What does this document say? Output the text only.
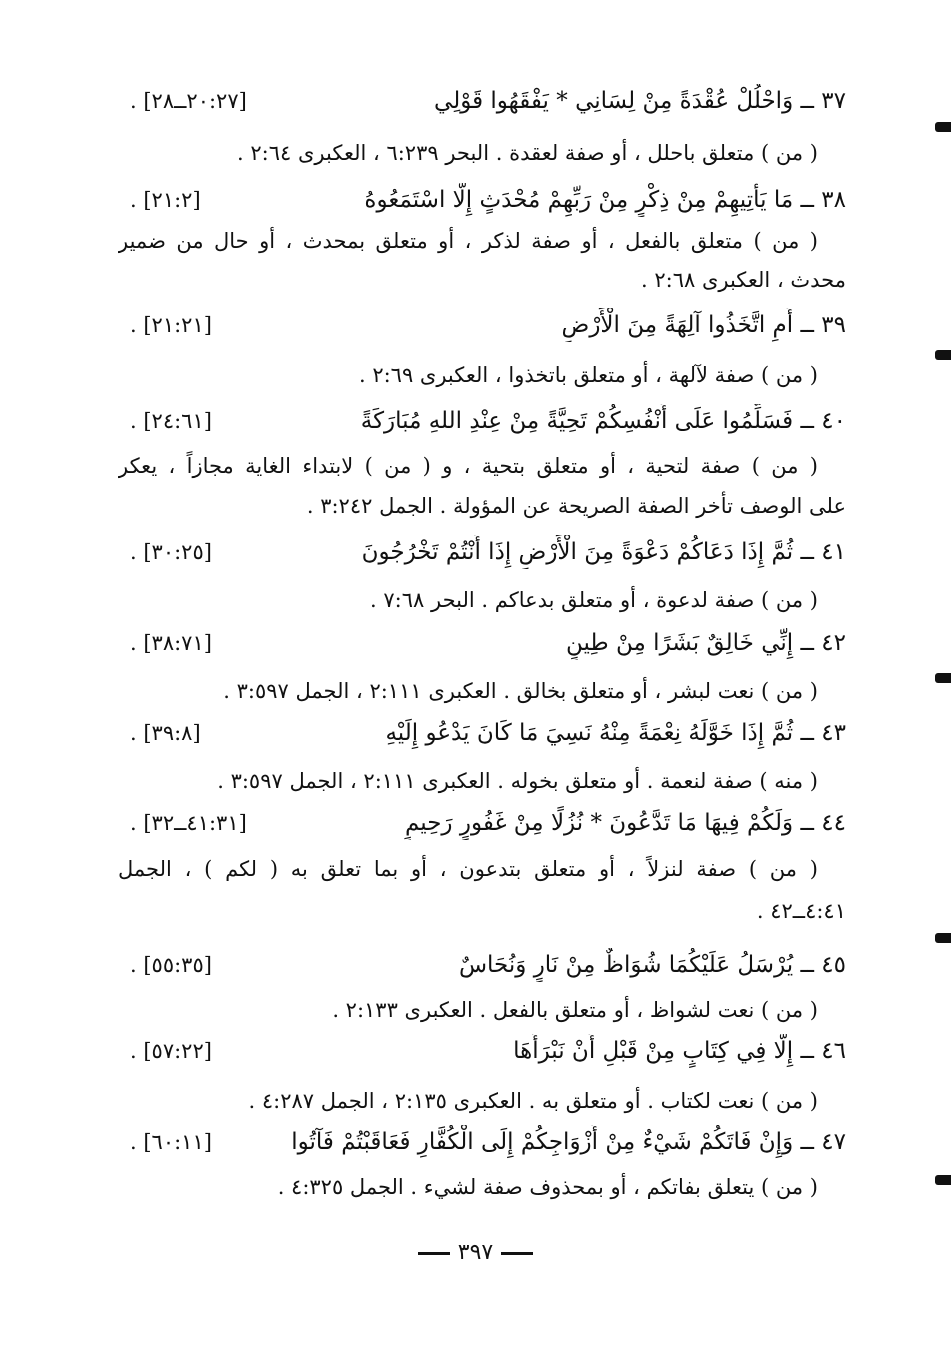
٣٧ ــ وَاحْلُلْ عُقْدَةً مِنْ لِسَانِي * يَفْقَهُوا قَوْلِي
[٢٠:٢٧ــ٢٨] .
( من ) متعلق باحلل ، أو صفة لعقدة . البحر ٦:٢٣٩ ، العكبرى ٢:٦٤ .
٣٨ ــ مَا يَأْتِيهِمْ مِنْ ذِكْرٍ مِنْ رَبِّهِمْ مُحْدَثٍ إِلَّا اسْتَمَعُوهُ
[٢١:٢] .
( من ) متعلق بالفعل ، أو صفة لذكر ، أو متعلق بمحدث ، أو حال من ضمير
محدث ، العكبرى ٢:٦٨ .
٣٩ ــ أَمِ اتَّخَذُوا آلِهَةً مِنَ الْأَرْضِ
[٢١:٢١] .
( من ) صفة لآلهة ، أو متعلق باتخذوا ، العكبرى ٢:٦٩ .
٤٠ ــ فَسَلِّمُوا عَلَى أَنْفُسِكُمْ تَحِيَّةً مِنْ عِنْدِ اللهِ مُبَارَكَةً
[٢٤:٦١] .
( من ) صفة لتحية ، أو متعلق بتحية ، و ( من ) لابتداء الغاية مجازاً ، يعكر
على الوصف تأخر الصفة الصريحة عن المؤولة . الجمل ٣:٢٤٢ .
٤١ ــ ثُمَّ إِذَا دَعَاكُمْ دَعْوَةً مِنَ الْأَرْضِ إِذَا أَنْتُمْ تَخْرُجُونَ
[٣٠:٢٥] .
( من ) صفة لدعوة ، أو متعلق بدعاكم . البحر ٧:٦٨ .
٤٢ ــ إِنِّي خَالِقٌ بَشَرًا مِنْ طِينٍ
[٣٨:٧١] .
( من ) نعت لبشر ، أو متعلق بخالق . العكبرى ٢:١١١ ، الجمل ٣:٥٩٧ .
٤٣ ــ ثُمَّ إِذَا خَوَّلَهُ نِعْمَةً مِنْهُ نَسِيَ مَا كَانَ يَدْعُو إِلَيْهِ
[٣٩:٨] .
( منه ) صفة لنعمة . أو متعلق بخوله . العكبرى ٢:١١١ ، الجمل ٣:٥٩٧ .
٤٤ ــ وَلَكُمْ فِيهَا مَا تَدَّعُونَ * نُزُلًا مِنْ غَفُورٍ رَحِيمٍ
[٤١:٣١ــ٣٢] .
( من ) صفة لنزلاً ، أو متعلق بتدعون ، أو بما تعلق به ( لكم ) ، الجمل
٤:٤١ــ٤٢ .
٤٥ ــ يُرْسَلُ عَلَيْكُمَا شُوَاظٌ مِنْ نَارٍ وَنُحَاسٌ
[٥٥:٣٥] .
( من ) نعت لشواظ ، أو متعلق بالفعل . العكبرى ٢:١٣٣ .
٤٦ ــ إِلَّا فِي كِتَابٍ مِنْ قَبْلِ أَنْ نَبْرَأَهَا
[٥٧:٢٢] .
( من ) نعت لكتاب . أو متعلق به . العكبرى ٢:١٣٥ ، الجمل ٤:٢٨٧ .
٤٧ ــ وَإِنْ فَاتَكُمْ شَيْءٌ مِنْ أَزْوَاجِكُمْ إِلَى الْكُفَّارِ فَعَاقَبْتُمْ فَآتُوا
[٦٠:١١] .
( من ) يتعلق بفاتكم ، أو بمحذوف صفة لشيء . الجمل ٤:٣٢٥ .
٣٩٧
